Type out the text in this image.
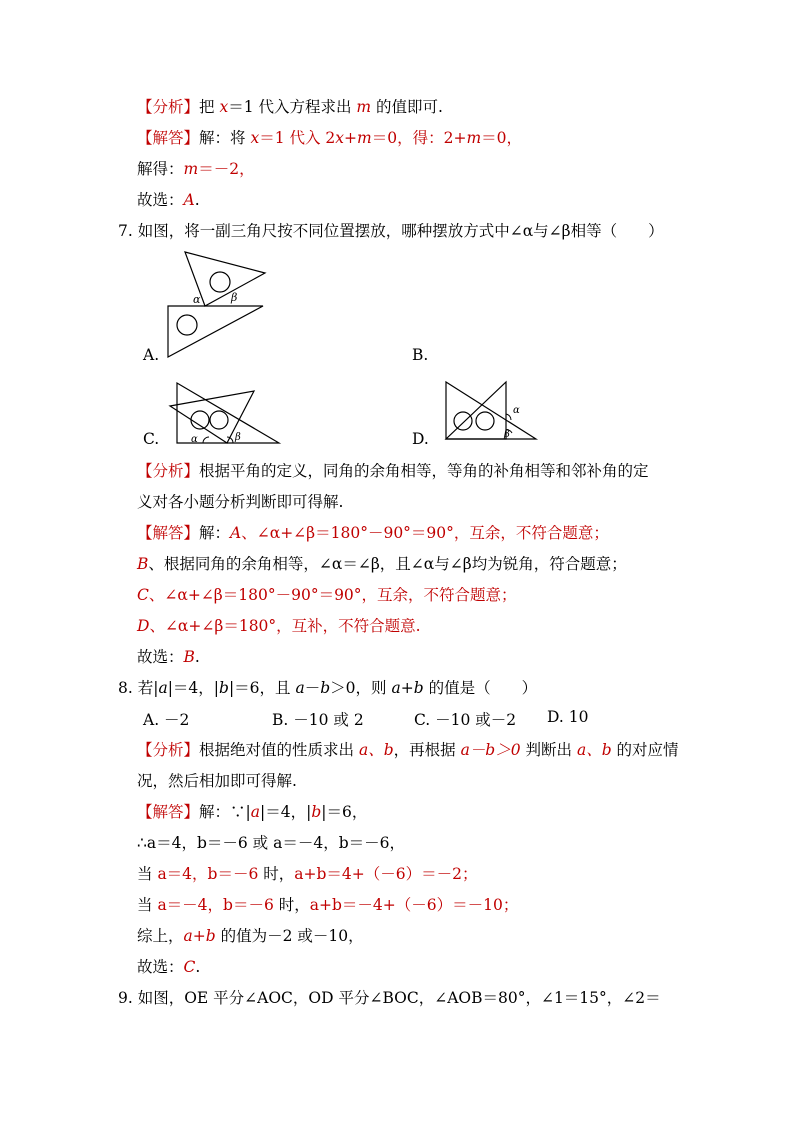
【分析】把 x＝1 代入方程求出 m 的值即可.
【解答】解：将 x＝1 代入 2x+m＝0，得：2+m＝0，
解得：m＝－2，
故选：A.
7. 如图，将一副三角尺按不同位置摆放，哪种摆放方式中∠α与∠β相等（　　）
α	β
A.	B.
α	β
C.
α
β
D.
【分析】根据平角的定义，同角的余角相等，等角的补角相等和邻补角的定
义对各小题分析判断即可得解.
【解答】解：A、∠α+∠β＝180°－90°＝90°，互余，不符合题意；
B、根据同角的余角相等，∠α＝∠β，且∠α与∠β均为锐角，符合题意；
C、∠α+∠β＝180°－90°＝90°，互余，不符合题意；
D、∠α+∠β＝180°，互补，不符合题意.
故选：B.
8. 若|a|＝4，|b|＝6，且 a－b＞0，则 a+b 的值是（　　）
A. －2	B. －10 或 2	C. －10 或－2 D. 10
【分析】根据绝对值的性质求出 a、b，再根据 a－b＞0 判断出 a、b 的对应情
况，然后相加即可得解.
【解答】解：∵|a|＝4，|b|＝6，
∴a＝4，b＝－6 或 a＝－4，b＝－6，
当 a＝4，b＝－6 时，a+b＝4+（－6）＝－2；
当 a＝－4，b＝－6 时，a+b＝－4+（－6）＝－10；
综上，a+b 的值为－2 或－10，
故选：C.
9. 如图，OE 平分∠AOC，OD 平分∠BOC，∠AOB＝80°，∠1＝15°，∠2＝
